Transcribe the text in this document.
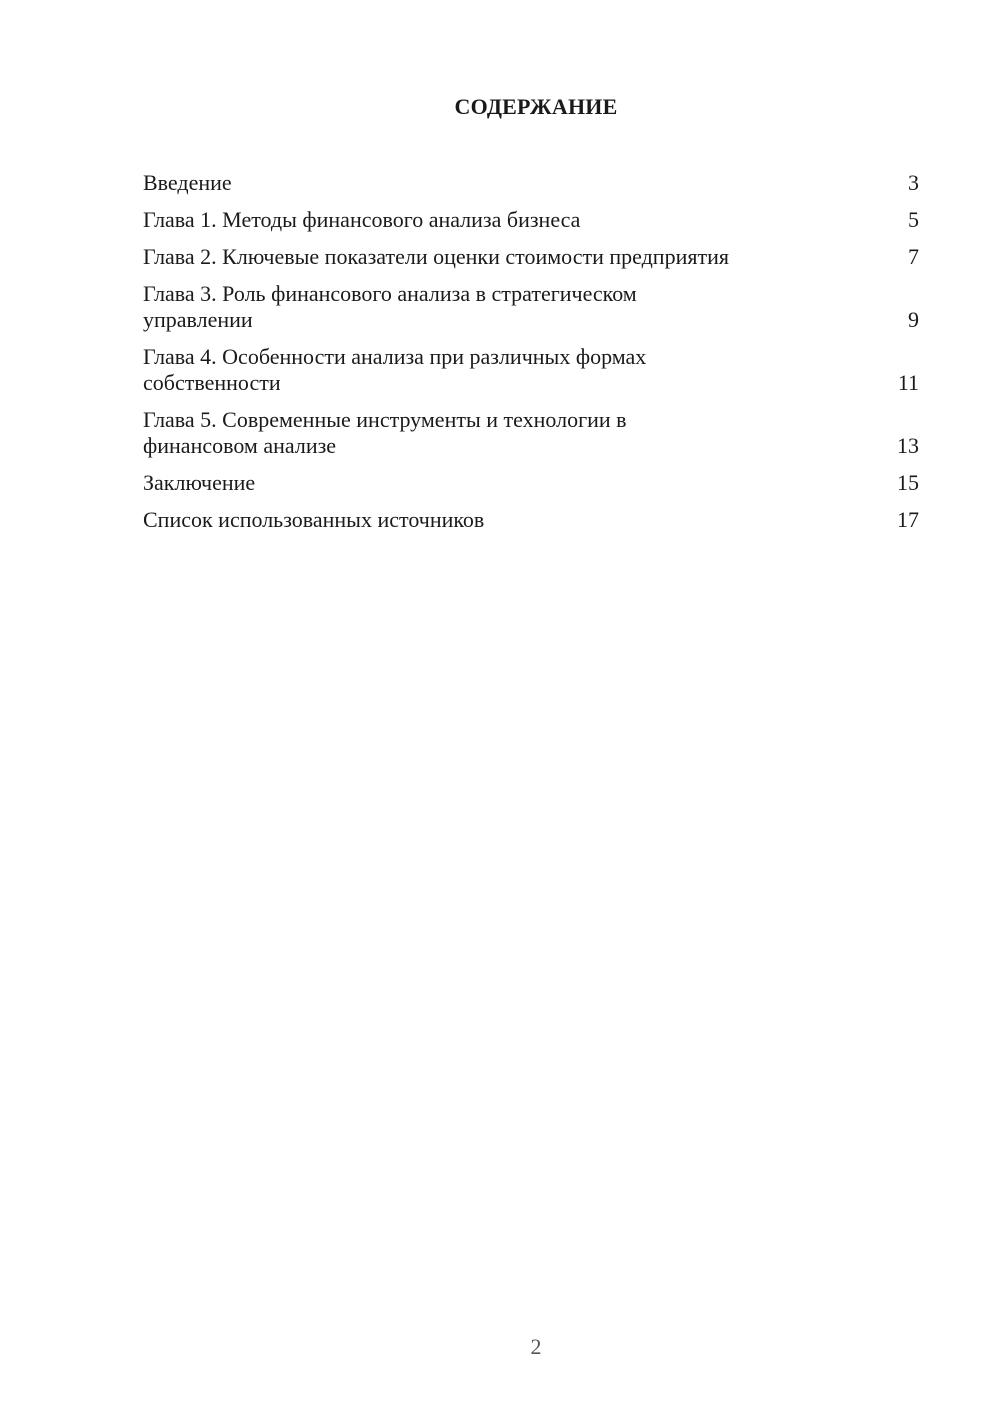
СОДЕРЖАНИЕ
Введение	3
Глава 1. Методы финансового анализа бизнеса	5
Глава 2. Ключевые показатели оценки стоимости предприятия	7
Глава 3. Роль финансового анализа в стратегическом управлении	9
Глава 4. Особенности анализа при различных формах собственности	11
Глава 5. Современные инструменты и технологии в финансовом анализе	13
Заключение	15
Список использованных источников	17

2
